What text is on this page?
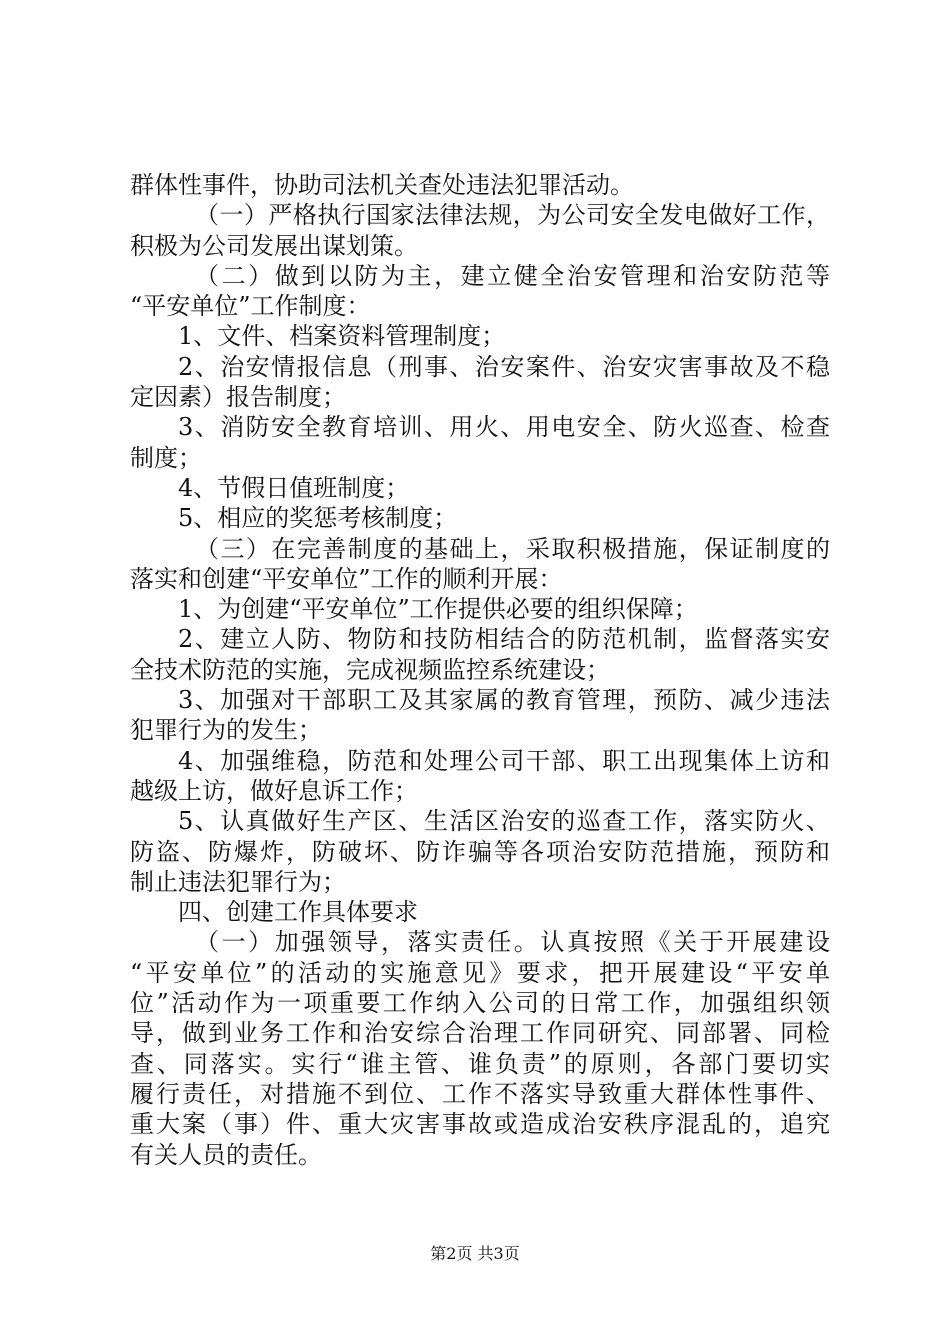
群体性事件，协助司法机关查处违法犯罪活动。
（一）严格执行国家法律法规，为公司安全发电做好工作，
积极为公司发展出谋划策。
（二）做到以防为主，建立健全治安管理和治安防范等
“平安单位”工作制度：
1、文件、档案资料管理制度；
2、治安情报信息（刑事、治安案件、治安灾害事故及不稳
定因素）报告制度；
3、消防安全教育培训、用火、用电安全、防火巡查、检查
制度；
4、节假日值班制度；
5、相应的奖惩考核制度；
（三）在完善制度的基础上，采取积极措施，保证制度的
落实和创建“平安单位”工作的顺利开展：
1、为创建“平安单位”工作提供必要的组织保障；
2、建立人防、物防和技防相结合的防范机制，监督落实安
全技术防范的实施，完成视频监控系统建设；
3、加强对干部职工及其家属的教育管理，预防、减少违法
犯罪行为的发生；
4、加强维稳，防范和处理公司干部、职工出现集体上访和
越级上访，做好息诉工作；
5、认真做好生产区、生活区治安的巡查工作，落实防火、
防盗、防爆炸，防破坏、防诈骗等各项治安防范措施，预防和
制止违法犯罪行为；
四、创建工作具体要求
（一）加强领导，落实责任。认真按照《关于开展建设
“平安单位”的活动的实施意见》要求，把开展建设“平安单
位”活动作为一项重要工作纳入公司的日常工作，加强组织领
导，做到业务工作和治安综合治理工作同研究、同部署、同检
查、同落实。实行“谁主管、谁负责”的原则，各部门要切实
履行责任，对措施不到位、工作不落实导致重大群体性事件、
重大案（事）件、重大灾害事故或造成治安秩序混乱的，追究
有关人员的责任。
第2页 共3页
